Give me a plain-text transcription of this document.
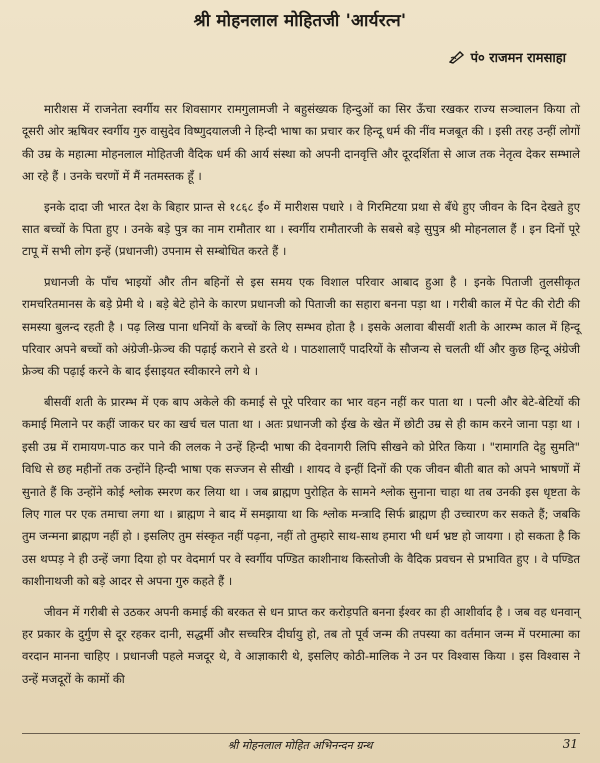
श्री मोहनलाल मोहितजी 'आर्यरत्न'
पं० राजमन रामसाहा

मारीशस में राजनेता स्वर्गीय सर शिवसागर रामगुलामजी ने बहुसंख्यक हिन्दुओं का सिर ऊँचा रखकर राज्य सञ्चालन किया तो दूसरी ओर ऋषिवर स्वर्गीय गुरु वासुदेव विष्णुदयालजी ने हिन्दी भाषा का प्रचार कर हिन्दू धर्म की नींव मजबूत की । इसी तरह उन्हीं लोगों की उम्र के महात्मा मोहनलाल मोहितजी वैदिक धर्म की आर्य संस्था को अपनी दानवृत्ति और दूरदर्शिता से आज तक नेतृत्व देकर सम्भाले आ रहे हैं । उनके चरणों में मैं नतमस्तक हूँ ।

इनके दादा जी भारत देश के बिहार प्रान्त से १८६८ ई० में मारीशस पधारे । वे गिरमिटया प्रथा से बँधे हुए जीवन के दिन देखते हुए सात बच्चों के पिता हुए । उनके बड़े पुत्र का नाम रामौतार था । स्वर्गीय रामौतारजी के सबसे बड़े सुपुत्र श्री मोहनलाल हैं । इन दिनों पूरे टापू में सभी लोग इन्हें (प्रधानजी) उपनाम से सम्बोधित करते हैं ।

प्रधानजी के पाँच भाइयों और तीन बहिनों से इस समय एक विशाल परिवार आबाद हुआ है । इनके पिताजी तुलसीकृत रामचरितमानस के बड़े प्रेमी थे । बड़े बेटे होने के कारण प्रधानजी को पिताजी का सहारा बनना पड़ा था । गरीबी काल में पेट की रोटी की समस्या बुलन्द रहती है । पढ़ लिख पाना धनियों के बच्चों के लिए सम्भव होता है । इसके अलावा बीसवीं शती के आरम्भ काल में हिन्दू परिवार अपने बच्चों को अंग्रेजी-फ्रेञ्च की पढ़ाई कराने से डरते थे । पाठशालाएँ पादरियों के सौजन्य से चलती थीं और कुछ हिन्दू अंग्रेजी फ्रेञ्च की पढ़ाई करने के बाद ईसाइयत स्वीकारने लगे थे ।

बीसवीं शती के प्रारम्भ में एक बाप अकेले की कमाई से पूरे परिवार का भार वहन नहीं कर पाता था । पत्नी और बेटे-बेटियों की कमाई मिलाने पर कहीं जाकर घर का खर्च चल पाता था । अतः प्रधानजी को ईख के खेत में छोटी उम्र से ही काम करने जाना पड़ा था । इसी उम्र में रामायण-पाठ कर पाने की ललक ने उन्हें हिन्दी भाषा की देवनागरी लिपि सीखने को प्रेरित किया । "रामागति देहु सुमति" विधि से छह महीनों तक उन्होंने हिन्दी भाषा एक सज्जन से सीखी । शायद वे इन्हीं दिनों की एक जीवन बीती बात को अपने भाषणों में सुनाते हैं कि उन्होंने कोई श्लोक स्मरण कर लिया था । जब ब्राह्मण पुरोहित के सामने श्लोक सुनाना चाहा था तब उनकी इस धृष्टता के लिए गाल पर एक तमाचा लगा था । ब्राह्मण ने बाद में समझाया था कि श्लोक मन्त्रादि सिर्फ ब्राह्मण ही उच्चारण कर सकते हैं; जबकि तुम जन्मना ब्राह्मण नहीं हो । इसलिए तुम संस्कृत नहीं पढ़ना, नहीं तो तुम्हारे साथ-साथ हमारा भी धर्म भ्रष्ट हो जायगा । हो सकता है कि उस थप्पड़ ने ही उन्हें जगा दिया हो पर वेदमार्ग पर वे स्वर्गीय पण्डित काशीनाथ किस्तोजी के वैदिक प्रवचन से प्रभावित हुए । वे पण्डित काशीनाथजी को बड़े आदर से अपना गुरु कहते हैं ।

जीवन में गरीबी से उठकर अपनी कमाई की बरकत से धन प्राप्त कर करोड़पति बनना ईश्वर का ही आशीर्वाद है । जब वह धनवान् हर प्रकार के दुर्गुण से दूर रहकर दानी, सद्धर्मी और सच्चरित्र दीर्घायु हो, तब तो पूर्व जन्म की तपस्या का वर्तमान जन्म में परमात्मा का वरदान मानना चाहिए । प्रधानजी पहले मजदूर थे, वे आज्ञाकारी थे, इसलिए कोठी-मालिक ने उन पर विश्वास किया । इस विश्वास ने उन्हें मजदूरों के कामों की

श्री मोहनलाल मोहित अभिनन्दन ग्रन्थ	31
